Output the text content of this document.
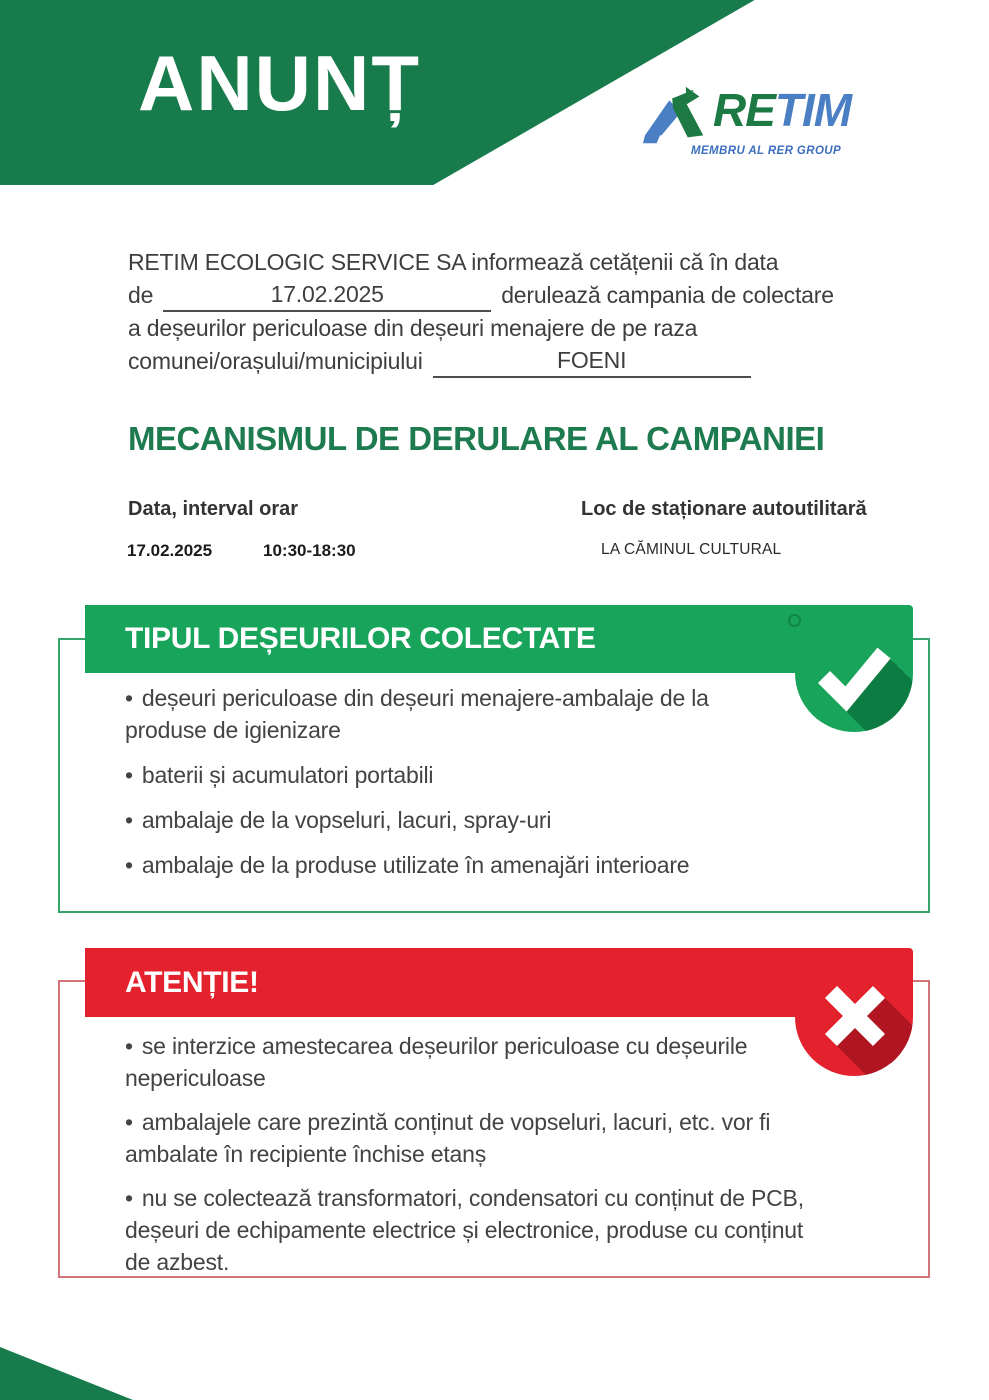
ANUNȚ	RETIM
MEMBRU AL RER GROUP
RETIM ECOLOGIC SERVICE SA informează cetățenii că în data
de	17.02.2025	derulează campania de colectare
a deșeurilor periculoase din deșeuri menajere de pe raza
comunei/orașului/municipiului	FOENI
MECANISMUL DE DERULARE AL CAMPANIEI
Data, interval orar	Loc de staționare autoutilitară
17.02.2025	10:30-18:30	LA CĂMINUL CULTURAL
TIPUL DEȘEURILOR COLECTATE
• deșeuri periculoase din deșeuri menajere-ambalaje de la produse de igienizare
• baterii și acumulatori portabili
• ambalaje de la vopseluri, lacuri, spray-uri
• ambalaje de la produse utilizate în amenajări interioare
ATENȚIE!
• se interzice amestecarea deșeurilor periculoase cu deșeurile nepericuloase
• ambalajele care prezintă conținut de vopseluri, lacuri, etc. vor fi ambalate în recipiente închise etanș
• nu se colectează transformatori, condensatori cu conținut de PCB, deșeuri de echipamente electrice și electronice, produse cu conținut de azbest.
